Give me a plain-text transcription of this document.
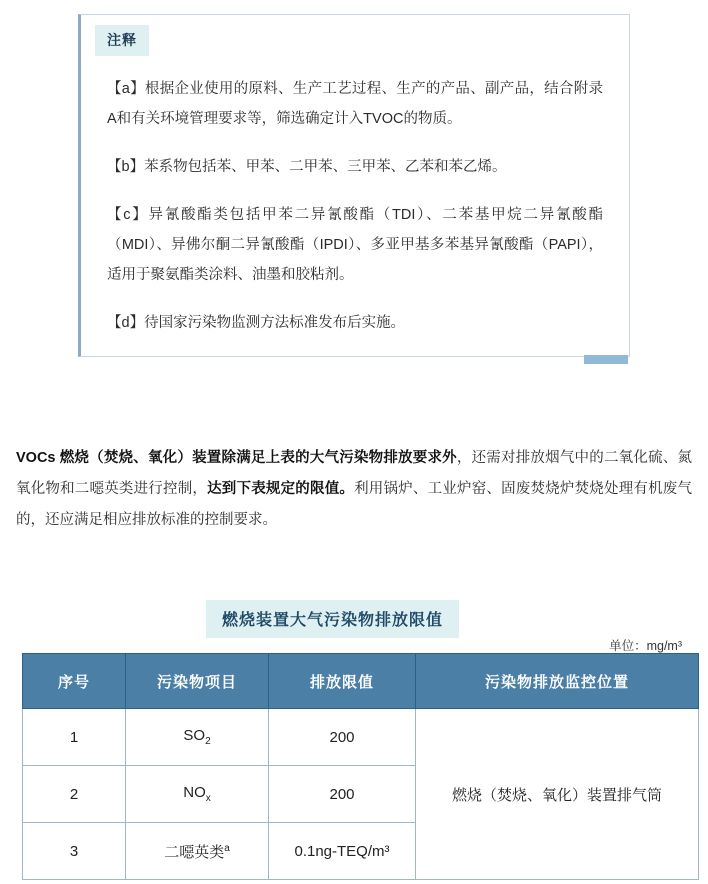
注释
【a】根据企业使用的原料、生产工艺过程、生产的产品、副产品，结合附录A和有关环境管理要求等，筛选确定计入TVOC的物质。
【b】苯系物包括苯、甲苯、二甲苯、三甲苯、乙苯和苯乙烯。
【c】异氰酸酯类包括甲苯二异氰酸酯（TDI）、二苯基甲烷二异氰酸酯（MDI）、异佛尔酮二异氰酸酯（IPDI）、多亚甲基多苯基异氰酸酯（PAPI），适用于聚氨酯类涂料、油墨和胶粘剂。
【d】待国家污染物监测方法标准发布后实施。
VOCs 燃烧（焚烧、氧化）装置除满足上表的大气污染物排放要求外，还需对排放烟气中的二氧化硫、氮氧化物和二噁英类进行控制，达到下表规定的限值。利用锅炉、工业炉窑、固废焚烧炉焚烧处理有机废气的，还应满足相应排放标准的控制要求。
燃烧装置大气污染物排放限值
单位：mg/m³
序号	污染物项目	排放限值	污染物排放监控位置
1	$SO_2$	200	燃烧（焚烧、氧化）装置排气筒
2	$NO_x$	200	
3	二噁英类$^a$	0.1ng-TEQ/m³	
